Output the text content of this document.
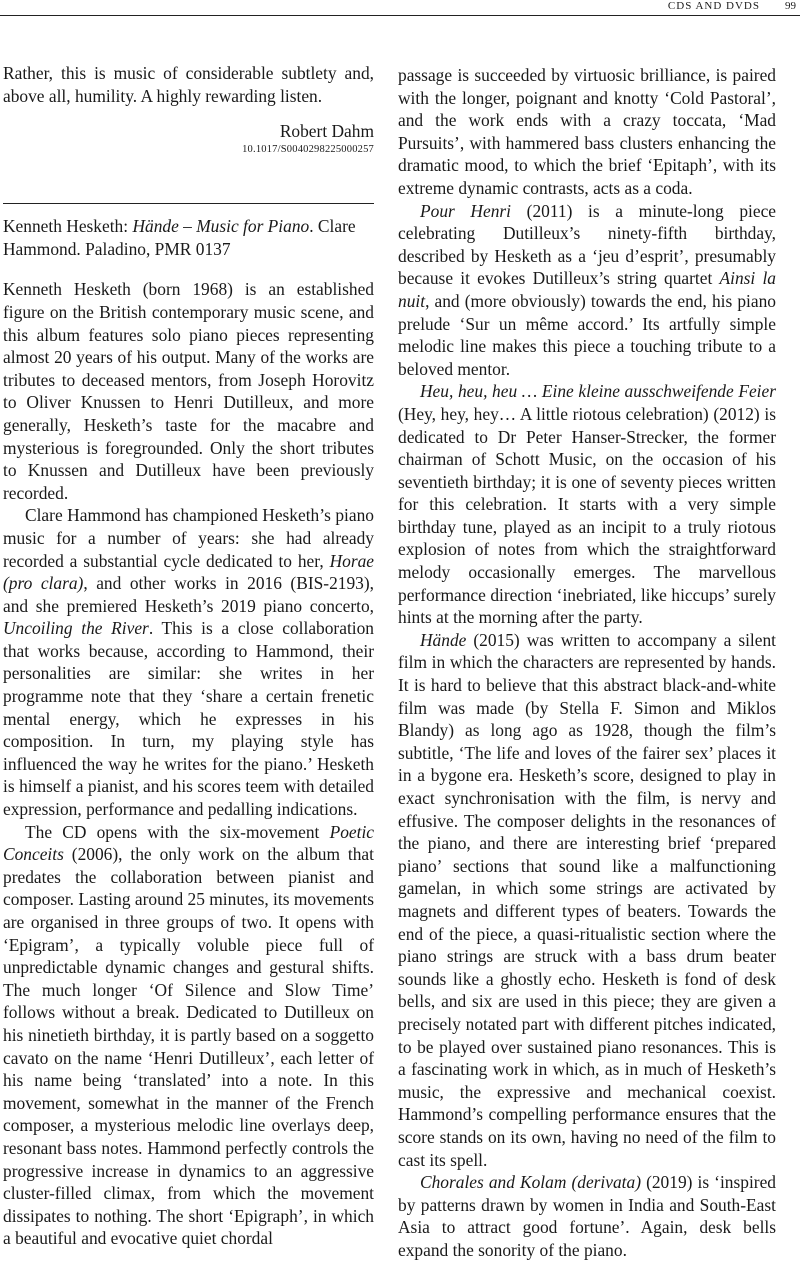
CDS AND DVDS 99

Rather, this is music of considerable subtlety and, above all, humility. A highly rewarding listen.

Robert Dahm
10.1017/S0040298225000257

Kenneth Hesketh: Hände – Music for Piano. Clare Hammond. Paladino, PMR 0137

Kenneth Hesketh (born 1968) is an established figure on the British contemporary music scene, and this album features solo piano pieces representing almost 20 years of his output. Many of the works are tributes to deceased mentors, from Joseph Horovitz to Oliver Knussen to Henri Dutilleux, and more generally, Hesketh’s taste for the macabre and mysterious is foregrounded. Only the short tributes to Knussen and Dutilleux have been previously recorded.

Clare Hammond has championed Hesketh’s piano music for a number of years: she had already recorded a substantial cycle dedicated to her, Horae (pro clara), and other works in 2016 (BIS-2193), and she premiered Hesketh’s 2019 piano concerto, Uncoiling the River. This is a close collaboration that works because, according to Hammond, their personalities are similar: she writes in her programme note that they ‘share a certain frenetic mental energy, which he expresses in his composition. In turn, my playing style has influenced the way he writes for the piano.’ Hesketh is himself a pianist, and his scores teem with detailed expression, performance and pedalling indications.

The CD opens with the six-movement Poetic Conceits (2006), the only work on the album that predates the collaboration between pianist and composer. Lasting around 25 minutes, its movements are organised in three groups of two. It opens with ‘Epigram’, a typically voluble piece full of unpredictable dynamic changes and gestural shifts. The much longer ‘Of Silence and Slow Time’ follows without a break. Dedicated to Dutilleux on his ninetieth birthday, it is partly based on a soggetto cavato on the name ‘Henri Dutilleux’, each letter of his name being ‘translated’ into a note. In this movement, somewhat in the manner of the French composer, a mysterious melodic line overlays deep, resonant bass notes. Hammond perfectly controls the progressive increase in dynamics to an aggressive cluster-filled climax, from which the movement dissipates to nothing. The short ‘Epigraph’, in which a beautiful and evocative quiet chordal

passage is succeeded by virtuosic brilliance, is paired with the longer, poignant and knotty ‘Cold Pastoral’, and the work ends with a crazy toccata, ‘Mad Pursuits’, with hammered bass clusters enhancing the dramatic mood, to which the brief ‘Epitaph’, with its extreme dynamic contrasts, acts as a coda.

Pour Henri (2011) is a minute-long piece celebrating Dutilleux’s ninety-fifth birthday, described by Hesketh as a ‘jeu d’esprit’, presumably because it evokes Dutilleux’s string quartet Ainsi la nuit, and (more obviously) towards the end, his piano prelude ‘Sur un même accord.’ Its artfully simple melodic line makes this piece a touching tribute to a beloved mentor.

Heu, heu, heu … Eine kleine ausschweifende Feier (Hey, hey, hey… A little riotous celebration) (2012) is dedicated to Dr Peter Hanser-Strecker, the former chairman of Schott Music, on the occasion of his seventieth birthday; it is one of seventy pieces written for this celebration. It starts with a very simple birthday tune, played as an incipit to a truly riotous explosion of notes from which the straightforward melody occasionally emerges. The marvellous performance direction ‘inebriated, like hiccups’ surely hints at the morning after the party.

Hände (2015) was written to accompany a silent film in which the characters are represented by hands. It is hard to believe that this abstract black-and-white film was made (by Stella F. Simon and Miklos Blandy) as long ago as 1928, though the film’s subtitle, ‘The life and loves of the fairer sex’ places it in a bygone era. Hesketh’s score, designed to play in exact synchronisation with the film, is nervy and effusive. The composer delights in the resonances of the piano, and there are interesting brief ‘prepared piano’ sections that sound like a malfunctioning gamelan, in which some strings are activated by magnets and different types of beaters. Towards the end of the piece, a quasi-ritualistic section where the piano strings are struck with a bass drum beater sounds like a ghostly echo. Hesketh is fond of desk bells, and six are used in this piece; they are given a precisely notated part with different pitches indicated, to be played over sustained piano resonances. This is a fascinating work in which, as in much of Hesketh’s music, the expressive and mechanical coexist. Hammond’s compelling performance ensures that the score stands on its own, having no need of the film to cast its spell.

Chorales and Kolam (derivata) (2019) is ‘inspired by patterns drawn by women in India and South-East Asia to attract good fortune’. Again, desk bells expand the sonority of the piano.
